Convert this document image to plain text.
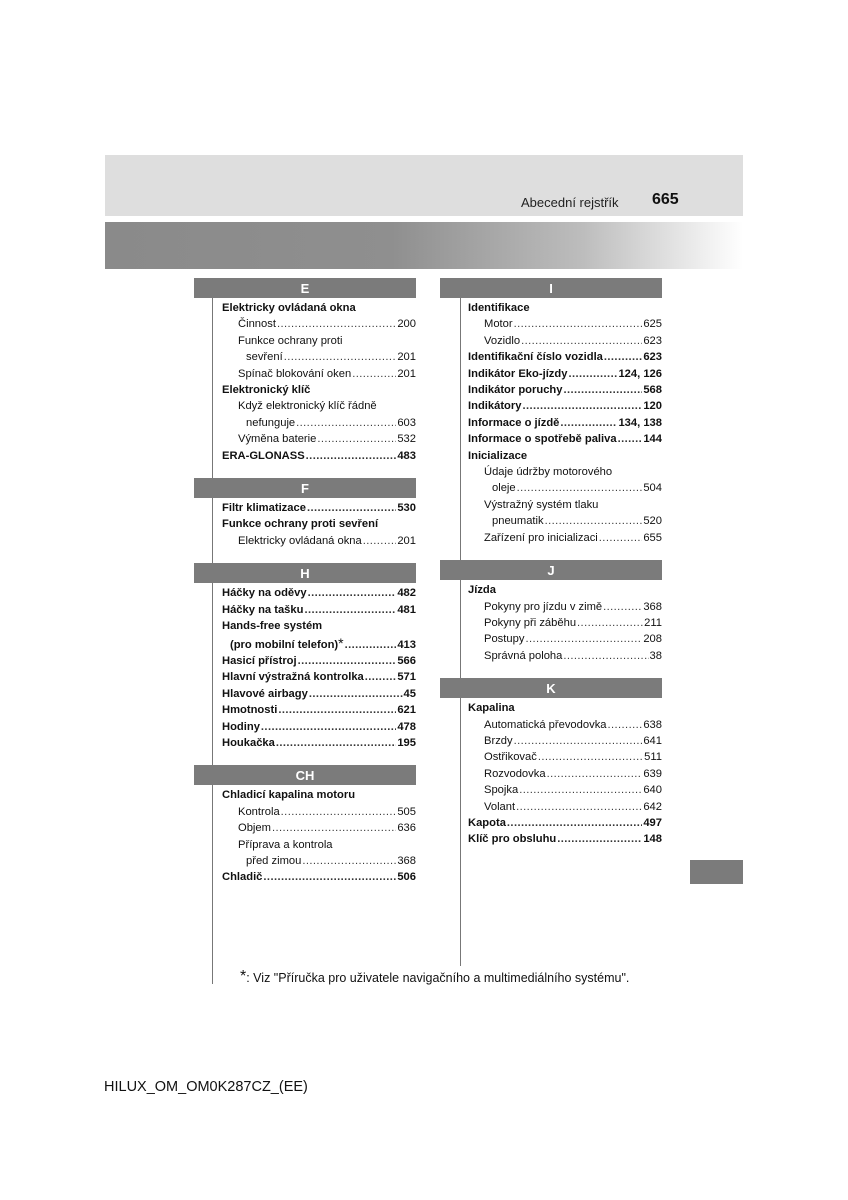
Abecední rejstřík 665
E
Elektricky ovládaná okna
Činnost .....	200
Funkce ochrany proti
sevření .....	201
Spínač blokování oken .....	201
Elektronický klíč
Když elektronický klíč řádně
nefunguje .....	603
Výměna baterie .....	532
ERA-GLONASS .....	483
F
Filtr klimatizace .....	530
Funkce ochrany proti sevření
Elektricky ovládaná okna .....	201
H
Háčky na oděvy .....	482
Háčky na tašku .....	481
Hands-free systém
(pro mobilní telefon) * .....	413
Hasicí přístroj .....	566
Hlavní výstražná kontrolka .....	571
Hlavové airbagy .....	45
Hmotnosti .....	621
Hodiny .....	478
Houkačka .....	195
CH
Chladicí kapalina motoru
Kontrola .....	505
Objem .....	636
Příprava a kontrola
před zimou .....	368
Chladič .....	506
I
Identifikace
Motor .....	625
Vozidlo .....	623
Identifikační číslo vozidla .....	623
Indikátor Eko-jízdy .....	124, 126
Indikátor poruchy .....	568
Indikátory .....	120
Informace o jízdě .....	134, 138
Informace o spotřebě paliva ..... 144
Inicializace
Údaje údržby motorového
oleje .....	504
Výstražný systém tlaku
pneumatik .....	520
Zařízení pro inicializaci .....	655
J
Jízda
Pokyny pro jízdu v zimě .....	368
Pokyny při záběhu .....	211
Postupy .....	208
Správná poloha .....	38
K
Kapalina
Automatická převodovka .....	638
Brzdy .....	641
Ostřikovač .....	511
Rozvodovka .....	639
Spojka .....	640
Volant .....	642
Kapota .....	497
Klíč pro obsluhu .....	148
*: Viz "Příručka pro uživatele navigačního a multimediálního systému".
HILUX_OM_OM0K287CZ_(EE)
